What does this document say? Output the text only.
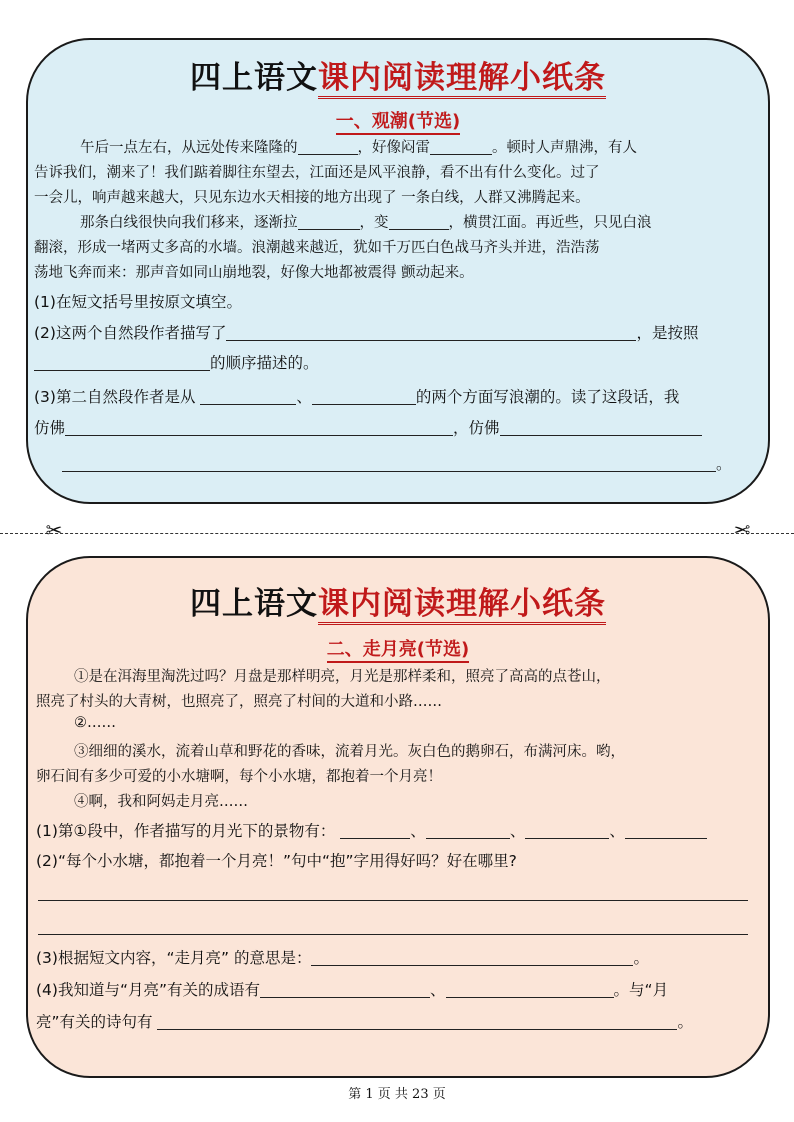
四上语文课内阅读理解小纸条
一、观潮(节选)
午后一点左右，从远处传来隆隆的	，好像闷雷	。顿时人声鼎沸，有人
告诉我们，潮来了！我们踮着脚往东望去，江面还是风平浪静，看不出有什么变化。过了
一会儿，响声越来越大，只见东边水天相接的地方出现了 一条白线，人群又沸腾起来。
那条白线很快向我们移来，逐渐拉	，变	，横贯江面。再近些，只见白浪
翻滚，形成一堵两丈多高的水墙。浪潮越来越近，犹如千万匹白色战马齐头并进，浩浩荡
荡地飞奔而来：那声音如同山崩地裂，好像大地都被震得 颤动起来。
(1)在短文括号里按原文填空。
(2)这两个自然段作者描写了	，是按照
的顺序描述的。
(3)第二自然段作者是从	、	的两个方面写浪潮的。读了这段话，我
仿佛	，仿佛
。
✂	✂
四上语文课内阅读理解小纸条
二、走月亮(节选)
①是在洱海里淘洗过吗？月盘是那样明亮，月光是那样柔和，照亮了高高的点苍山，
照亮了村头的大青树，也照亮了，照亮了村间的大道和小路……
②……
③细细的溪水，流着山草和野花的香味，流着月光。灰白色的鹅卵石，布满河床。哟，
卵石间有多少可爱的小水塘啊，每个小水塘，都抱着一个月亮！
④啊，我和阿妈走月亮……
(1)第①段中，作者描写的月光下的景物有：	、	、	、
(2)“每个小水塘，都抱着一个月亮！”句中“抱”字用得好吗？好在哪里?
(3)根据短文内容，“走月亮” 的意思是：	。
(4)我知道与“月亮”有关的成语有	、	。与“月
亮”有关的诗句有	。
第 1 页 共 23 页
